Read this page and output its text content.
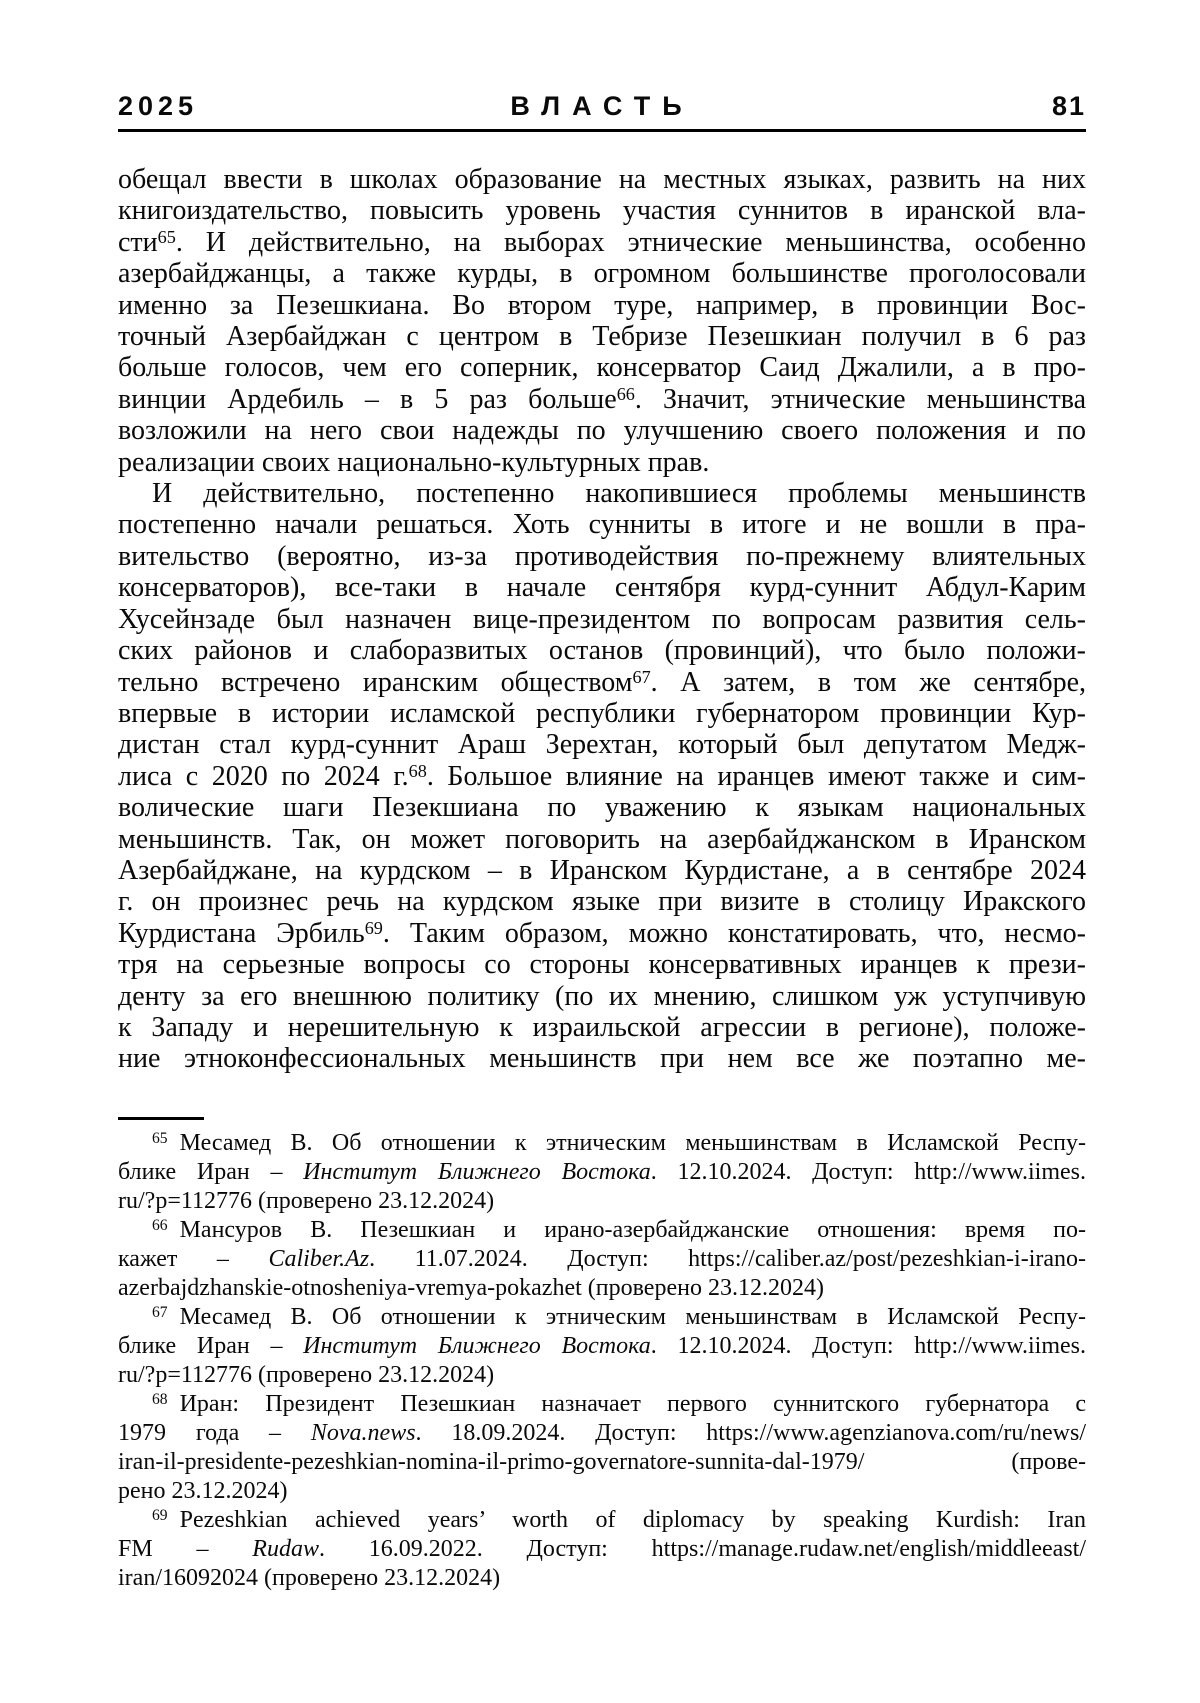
2025	ВЛАСТЬ	81
обещал ввести в школах образование на местных языках, развить на них
книгоиздательство, повысить уровень участия суннитов в иранской вла-
сти$^{65}$. И действительно, на выборах этнические меньшинства, особенно
азербайджанцы, а также курды, в огромном большинстве проголосовали
именно за Пезешкиана. Во втором туре, например, в провинции Вос-
точный Азербайджан с центром в Тебризе Пезешкиан получил в 6 раз
больше голосов, чем его соперник, консерватор Саид Джалили, а в про-
винции Ардебиль – в 5 раз больше$^{66}$. Значит, этнические меньшинства
возложили на него свои надежды по улучшению своего положения и по
реализации своих национально-культурных прав.
И действительно, постепенно накопившиеся проблемы меньшинств
постепенно начали решаться. Хоть сунниты в итоге и не вошли в пра-
вительство (вероятно, из-за противодействия по-прежнему влиятельных
консерваторов), все-таки в начале сентября курд-суннит Абдул-Карим
Хусейнзаде был назначен вице-президентом по вопросам развития сель-
ских районов и слаборазвитых останов (провинций), что было положи-
тельно встречено иранским обществом$^{67}$. А затем, в том же сентябре,
впервые в истории исламской республики губернатором провинции Кур-
дистан стал курд-суннит Араш Зерехтан, который был депутатом Медж-
лиса с 2020 по 2024 г.$^{68}$. Большое влияние на иранцев имеют также и сим-
волические шаги Пезекшиана по уважению к языкам национальных
меньшинств. Так, он может поговорить на азербайджанском в Иранском
Азербайджане, на курдском – в Иранском Курдистане, а в сентябре 2024
г. он произнес речь на курдском языке при визите в столицу Иракского
Курдистана Эрбиль$^{69}$. Таким образом, можно констатировать, что, несмо-
тря на серьезные вопросы со стороны консервативных иранцев к прези-
денту за его внешнюю политику (по их мнению, слишком уж уступчивую
к Западу и нерешительную к израильской агрессии в регионе), положе-
ние этноконфессиональных меньшинств при нем все же поэтапно ме-
$^{65}$ Месамед В. Об отношении к этническим меньшинствам в Исламской Респу-
блике Иран – Институт Ближнего Востока. 12.10.2024. Доступ: http://www.iimes.
ru/?p=112776 (проверено 23.12.2024)
$^{66}$ Мансуров В. Пезешкиан и ирано-азербайджанские отношения: время по-
кажет – Caliber.Az. 11.07.2024. Доступ: https://caliber.az/post/pezeshkian-i-irano-
azerbajdzhanskie-otnosheniya-vremya-pokazhet (проверено 23.12.2024)
$^{67}$ Месамед В. Об отношении к этническим меньшинствам в Исламской Респу-
блике Иран – Институт Ближнего Востока. 12.10.2024. Доступ: http://www.iimes.
ru/?p=112776 (проверено 23.12.2024)
$^{68}$ Иран: Президент Пезешкиан назначает первого суннитского губернатора с
1979 года – Nova.news. 18.09.2024. Доступ: https://www.agenzianova.com/ru/news/
iran-il-presidente-pezeshkian-nomina-il-primo-governatore-sunnita-dal-1979/ (прове-
рено 23.12.2024)
$^{69}$ Pezeshkian achieved years’ worth of diplomacy by speaking Kurdish: Iran
FM – Rudaw. 16.09.2022. Доступ: https://manage.rudaw.net/english/middleeast/
iran/16092024 (проверено 23.12.2024)
